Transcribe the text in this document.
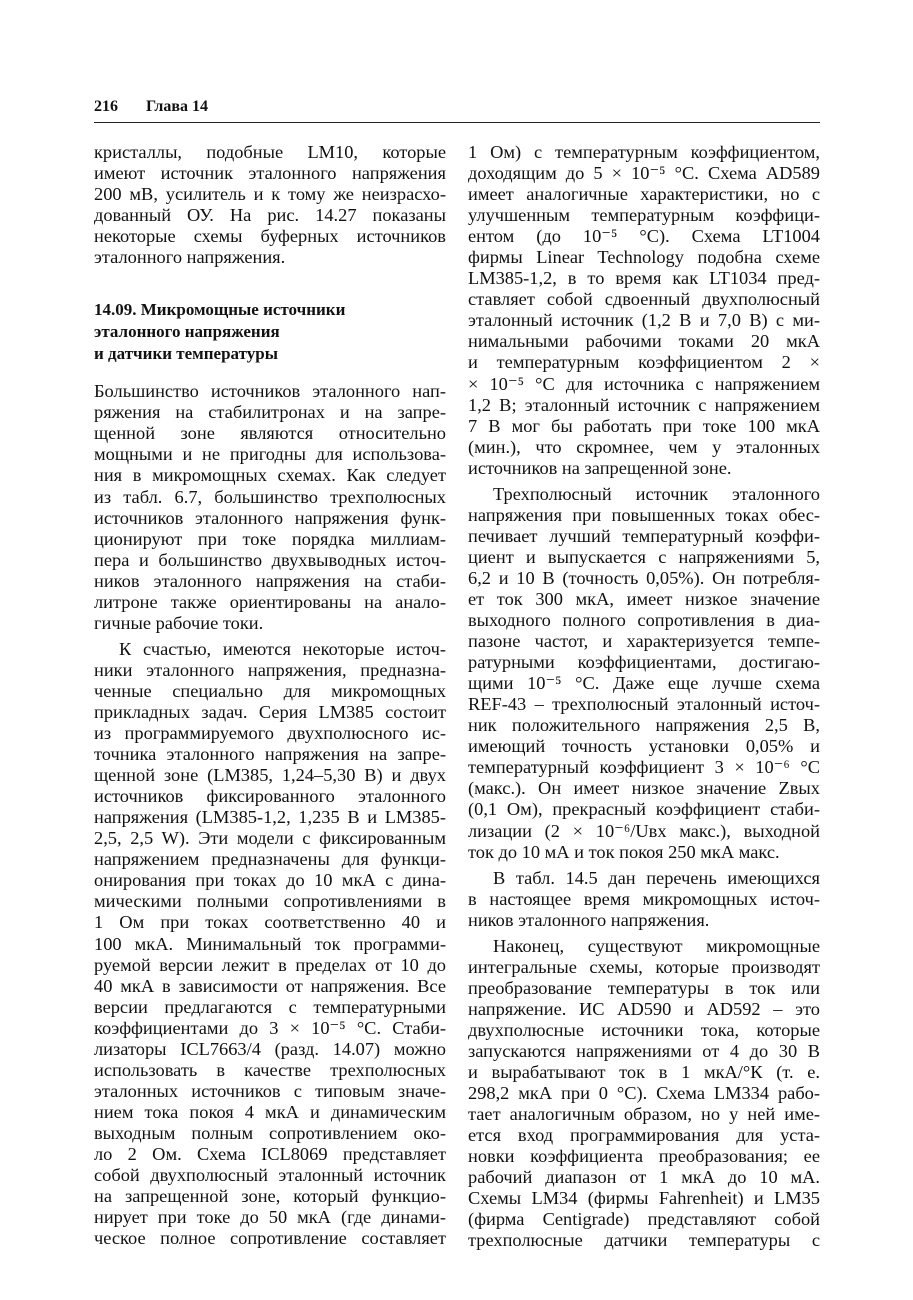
216 Глава 14
кристаллы, подобные LM10, которые
имеют источник эталонного напряжения
200 мВ, усилитель и к тому же неизрасхо-
дованный ОУ. На рис. 14.27 показаны
некоторые схемы буферных источников
эталонного напряжения.
14.09. Микромощные источники
эталонного напряжения
и датчики температуры
Большинство источников эталонного нап-
ряжения на стабилитронах и на запре-
щенной зоне являются относительно
мощными и не пригодны для использова-
ния в микромощных схемах. Как следует
из табл. 6.7, большинство трехполюсных
источников эталонного напряжения функ-
ционируют при токе порядка миллиам-
пера и большинство двухвыводных источ-
ников эталонного напряжения на стаби-
литроне также ориентированы на анало-
гичные рабочие токи.
К счастью, имеются некоторые источ-
ники эталонного напряжения, предназна-
ченные специально для микромощных
прикладных задач. Серия LM385 состоит
из программируемого двухполюсного ис-
точника эталонного напряжения на запре-
щенной зоне (LM385, 1,24–5,30 В) и двух
источников фиксированного эталонного
напряжения (LM385-1,2, 1,235 В и LM385-
2,5, 2,5 W). Эти модели с фиксированным
напряжением предназначены для функци-
онирования при токах до 10 мкА с дина-
мическими полными сопротивлениями в
1 Ом при токах соответственно 40 и
100 мкА. Минимальный ток программи-
руемой версии лежит в пределах от 10 до
40 мкА в зависимости от напряжения. Все
версии предлагаются с температурными
коэффициентами до 3 × 10⁻⁵ °С. Стаби-
лизаторы ICL7663/4 (разд. 14.07) можно
использовать в качестве трехполюсных
эталонных источников с типовым значе-
нием тока покоя 4 мкА и динамическим
выходным полным сопротивлением око-
ло 2 Ом. Схема ICL8069 представляет
собой двухполюсный эталонный источник
на запрещенной зоне, который функцио-
нирует при токе до 50 мкА (где динами-
ческое полное сопротивление составляет
1 Ом) с температурным коэффициентом,
доходящим до 5 × 10⁻⁵ °С. Схема AD589
имеет аналогичные характеристики, но с
улучшенным температурным коэффици-
ентом (до 10⁻⁵ °С). Схема LT1004
фирмы Linear Technology подобна схеме
LM385-1,2, в то время как LT1034 пред-
ставляет собой сдвоенный двухполюсный
эталонный источник (1,2 В и 7,0 В) с ми-
нимальными рабочими токами 20 мкА
и температурным коэффициентом 2 ×
× 10⁻⁵ °С для источника с напряжением
1,2 В; эталонный источник с напряжением
7 В мог бы работать при токе 100 мкА
(мин.), что скромнее, чем у эталонных
источников на запрещенной зоне.
Трехполюсный источник эталонного
напряжения при повышенных токах обес-
печивает лучший температурный коэффи-
циент и выпускается с напряжениями 5,
6,2 и 10 В (точность 0,05%). Он потребля-
ет ток 300 мкА, имеет низкое значение
выходного полного сопротивления в диа-
пазоне частот, и характеризуется темпе-
ратурными коэффициентами, достигаю-
щими 10⁻⁵ °С. Даже еще лучше схема
REF-43 – трехполюсный эталонный источ-
ник положительного напряжения 2,5 В,
имеющий точность установки 0,05% и
температурный коэффициент 3 × 10⁻⁶ °С
(макс.). Он имеет низкое значение Zвых
(0,1 Ом), прекрасный коэффициент стаби-
лизации (2 × 10⁻⁶/Uвх макс.), выходной
ток до 10 мА и ток покоя 250 мкА макс.
В табл. 14.5 дан перечень имеющихся
в настоящее время микромощных источ-
ников эталонного напряжения.
Наконец, существуют микромощные
интегральные схемы, которые производят
преобразование температуры в ток или
напряжение. ИС AD590 и AD592 – это
двухполюсные источники тока, которые
запускаются напряжениями от 4 до 30 В
и вырабатывают ток в 1 мкА/°К (т. е.
298,2 мкА при 0 °С). Схема LM334 рабо-
тает аналогичным образом, но у ней име-
ется вход программирования для уста-
новки коэффициента преобразования; ее
рабочий диапазон от 1 мкА до 10 мА.
Схемы LM34 (фирмы Fahrenheit) и LM35
(фирма Centigrade) представляют собой
трехполюсные датчики температуры с
